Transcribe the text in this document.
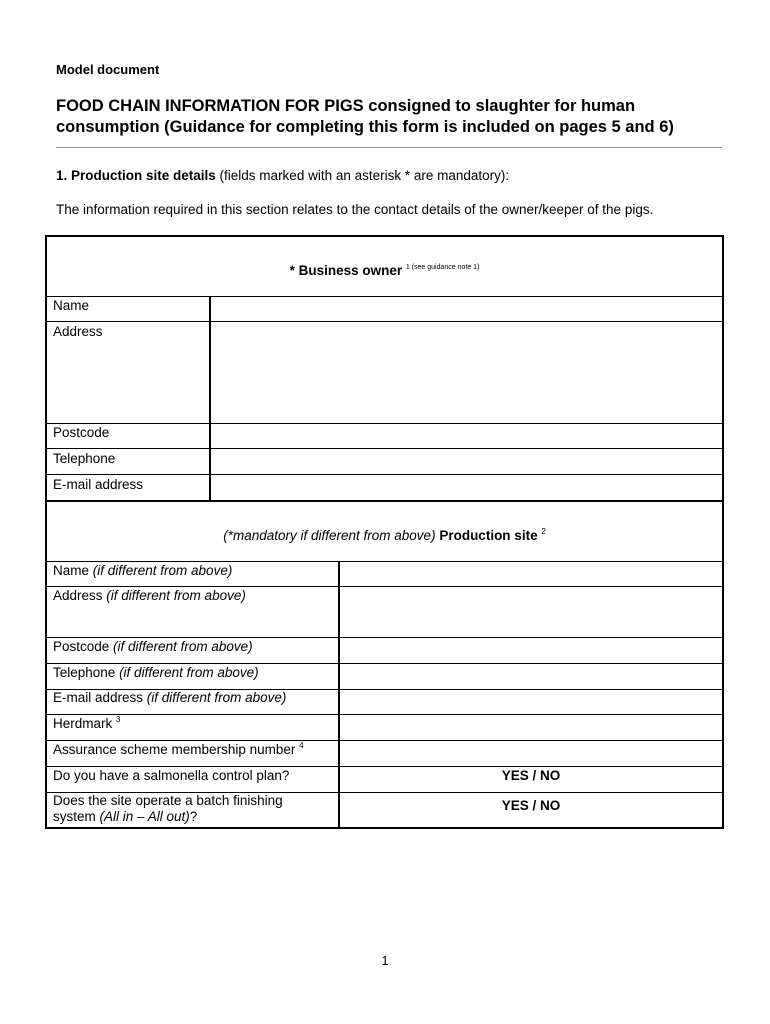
Model document
FOOD CHAIN INFORMATION FOR PIGS consigned to slaughter for human
consumption (Guidance for completing this form is included on pages 5 and 6)
1. Production site details (fields marked with an asterisk * are mandatory):
The information required in this section relates to the contact details of the owner/keeper of the pigs.
* Business owner $^{1 (see guidance note 1)}$
Name
Address
Postcode
Telephone
E-mail address
(*mandatory if different from above) Production site $^2$
Name (if different from above)
Address (if different from above)
Postcode (if different from above)
Telephone (if different from above)
E-mail address (if different from above)
Herdmark $^3$
Assurance scheme membership number $^4$
Do you have a salmonella control plan?	YES / NO
Does the site operate a batch finishing
system (All in – All out)?
YES / NO
1
